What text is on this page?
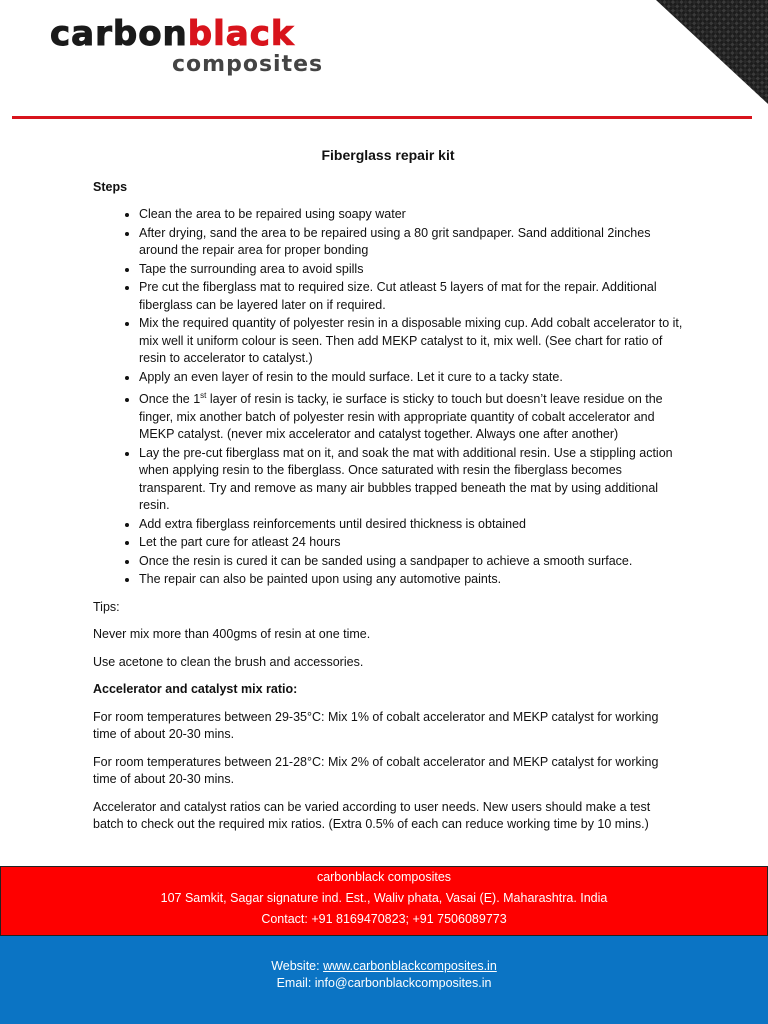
carbonblack
composites
Fiberglass repair kit
Steps
• Clean the area to be repaired using soapy water
• After drying, sand the area to be repaired using a 80 grit sandpaper. Sand additional 2inches around the repair area for proper bonding
• Tape the surrounding area to avoid spills
• Pre cut the fiberglass mat to required size. Cut atleast 5 layers of mat for the repair. Additional fiberglass can be layered later on if required.
• Mix the required quantity of polyester resin in a disposable mixing cup. Add cobalt accelerator to it, mix well it uniform colour is seen. Then add MEKP catalyst to it, mix well. (See chart for ratio of resin to accelerator to catalyst.)
• Apply an even layer of resin to the mould surface. Let it cure to a tacky state.
• Once the 1st layer of resin is tacky, ie surface is sticky to touch but doesn’t leave residue on the finger, mix another batch of polyester resin with appropriate quantity of cobalt accelerator and MEKP catalyst. (never mix accelerator and catalyst together. Always one after another)
• Lay the pre-cut fiberglass mat on it, and soak the mat with additional resin. Use a stippling action when applying resin to the fiberglass. Once saturated with resin the fiberglass becomes transparent. Try and remove as many air bubbles trapped beneath the mat by using additional resin.
• Add extra fiberglass reinforcements until desired thickness is obtained
• Let the part cure for atleast 24 hours
• Once the resin is cured it can be sanded using a sandpaper to achieve a smooth surface.
• The repair can also be painted upon using any automotive paints.

Tips:

Never mix more than 400gms of resin at one time.

Use acetone to clean the brush and accessories.

Accelerator and catalyst mix ratio:

For room temperatures between 29-35°C: Mix 1% of cobalt accelerator and MEKP catalyst for working time of about 20-30 mins.

For room temperatures between 21-28°C: Mix 2% of cobalt accelerator and MEKP catalyst for working time of about 20-30 mins.

Accelerator and catalyst ratios can be varied according to user needs. New users should make a test batch to check out the required mix ratios. (Extra 0.5% of each can reduce working time by 10 mins.)

carbonblack composites
107 Samkit, Sagar signature ind. Est., Waliv phata, Vasai (E). Maharashtra. India
Contact: +91 8169470823; +91 7506089773
Website: www.carbonblackcomposites.in
Email: info@carbonblackcomposites.in
